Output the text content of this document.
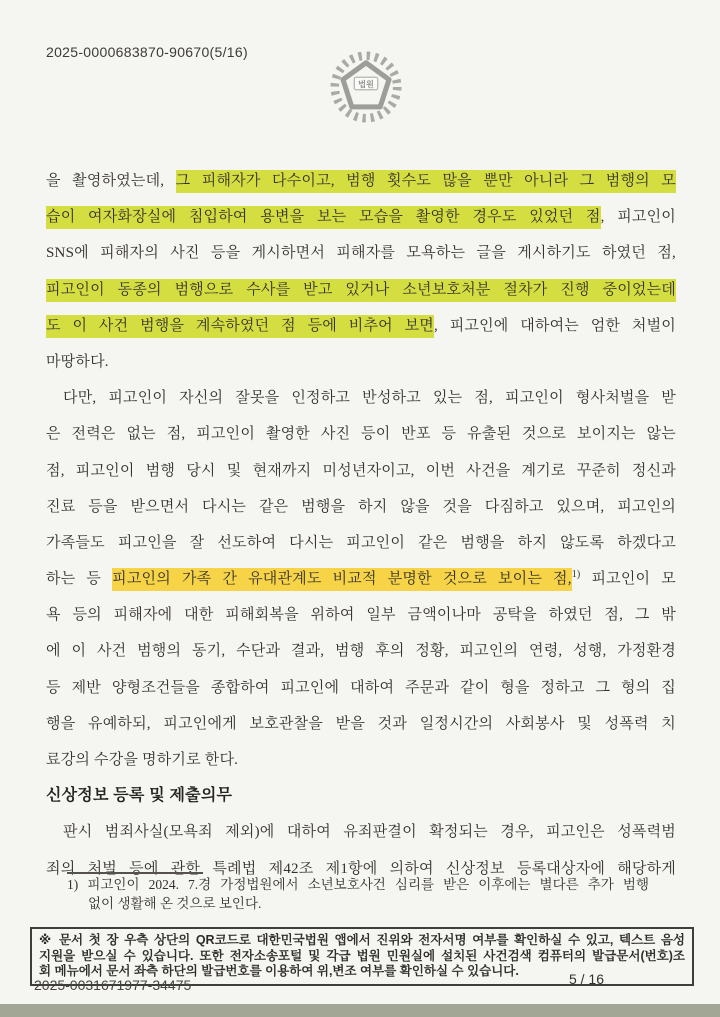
2025-0000683870-90670(5/16)
법원
을 촬영하였는데, 그 피해자가 다수이고, 범행 횟수도 많을 뿐만 아니라 그 범행의 모
습이 여자화장실에 침입하여 용변을 보는 모습을 촬영한 경우도 있었던 점, 피고인이
SNS에 피해자의 사진 등을 게시하면서 피해자를 모욕하는 글을 게시하기도 하였던 점,
피고인이 동종의 범행으로 수사를 받고 있거나 소년보호처분 절차가 진행 중이었는데
도 이 사건 범행을 계속하였던 점 등에 비추어 보면, 피고인에 대하여는 엄한 처벌이
마땅하다.
다만, 피고인이 자신의 잘못을 인정하고 반성하고 있는 점, 피고인이 형사처벌을 받
은 전력은 없는 점, 피고인이 촬영한 사진 등이 반포 등 유출된 것으로 보이지는 않는
점, 피고인이 범행 당시 및 현재까지 미성년자이고, 이번 사건을 계기로 꾸준히 정신과
진료 등을 받으면서 다시는 같은 범행을 하지 않을 것을 다짐하고 있으며, 피고인의
가족들도 피고인을 잘 선도하여 다시는 피고인이 같은 범행을 하지 않도록 하겠다고
하는 등 피고인의 가족 간 유대관계도 비교적 분명한 것으로 보이는 점,$^{1)}$ 피고인이 모
욕 등의 피해자에 대한 피해회복을 위하여 일부 금액이나마 공탁을 하였던 점, 그 밖
에 이 사건 범행의 동기, 수단과 결과, 범행 후의 정황, 피고인의 연령, 성행, 가정환경
등 제반 양형조건들을 종합하여 피고인에 대하여 주문과 같이 형을 정하고 그 형의 집
행을 유예하되, 피고인에게 보호관찰을 받을 것과 일정시간의 사회봉사 및 성폭력 치
료강의 수강을 명하기로 한다.
신상정보 등록 및 제출의무
판시 범죄사실(모욕죄 제외)에 대하여 유죄판결이 확정되는 경우, 피고인은 성폭력범
죄의 처벌 등에 관한 특례법 제42조 제1항에 의하여 신상정보 등록대상자에 해당하게
1) 피고인이 2024. 7.경 가정법원에서 소년보호사건 심리를 받은 이후에는 별다른 추가 범행
없이 생활해 온 것으로 보인다.
※ 문서 첫 장 우측 상단의 QR코드로 대한민국법원 앱에서 진위와 전자서명 여부를 확인하실 수 있고, 텍스트 음성
지원을 받으실 수 있습니다. 또한 전자소송포털 및 각급 법원 민원실에 설치된 사건검색 컴퓨터의 발급문서(번호)조
회 메뉴에서 문서 좌측 하단의 발급번호를 이용하여 위,변조 여부를 확인하실 수 있습니다.
2025-0031671977-34475	5 / 16
